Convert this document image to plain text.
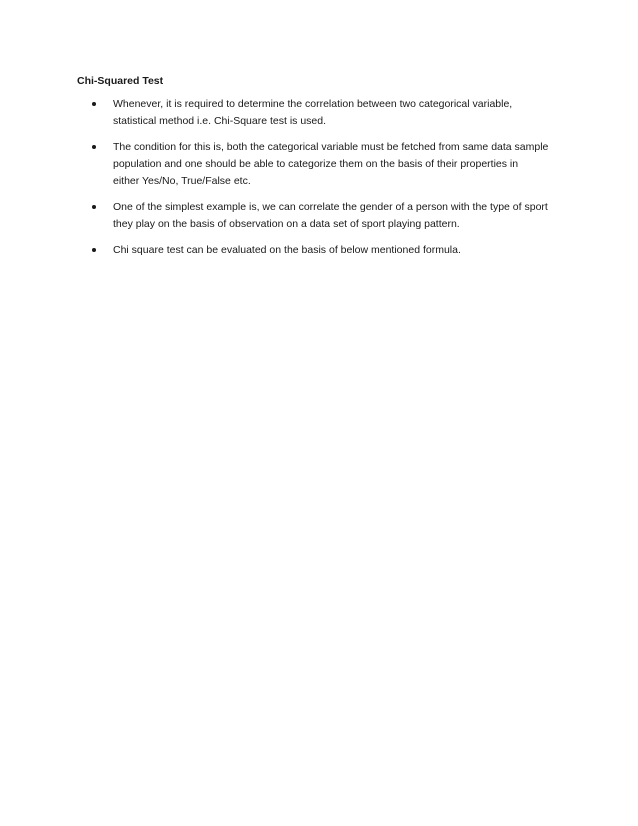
Chi-Squared Test
Whenever, it is required to determine the correlation between two categorical variable,
statistical method i.e. Chi-Square test is used.
The condition for this is, both the categorical variable must be fetched from same data sample
population and one should be able to categorize them on the basis of their properties in
either Yes/No, True/False etc.
One of the simplest example is, we can correlate the gender of a person with the type of sport
they play on the basis of observation on a data set of sport playing pattern.
Chi square test can be evaluated on the basis of below mentioned formula.
